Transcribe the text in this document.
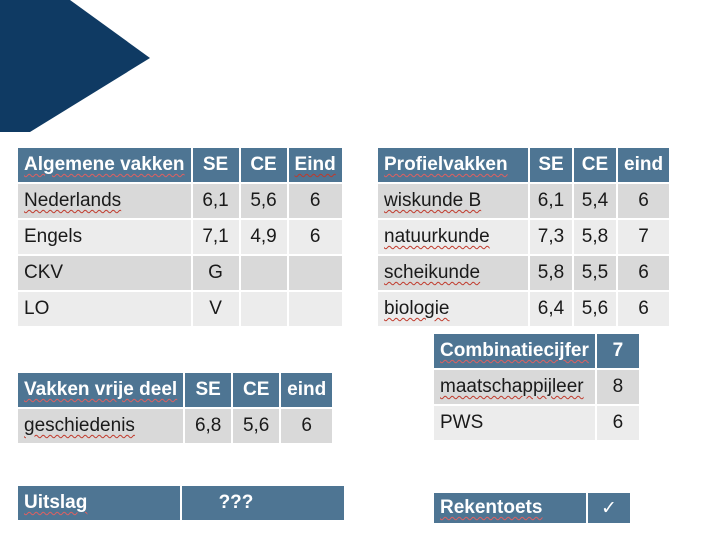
Algemene vakken	SE	CE	Eind
Nederlands	6,1	5,6	6
Engels	7,1	4,9	6
CKV	G		
LO	V		
Profielvakken	SE	CE	eind
wiskunde B	6,1	5,4	6
natuurkunde	7,3	5,8	7
scheikunde	5,8	5,5	6
biologie	6,4	5,6	6
Combinatiecijfer	7
maatschappijleer	8
PWS	6
Vakken vrije deel	SE	CE	eind
geschiedenis	6,8	5,6	6
Uitslag	???	Rekentoets	✓
